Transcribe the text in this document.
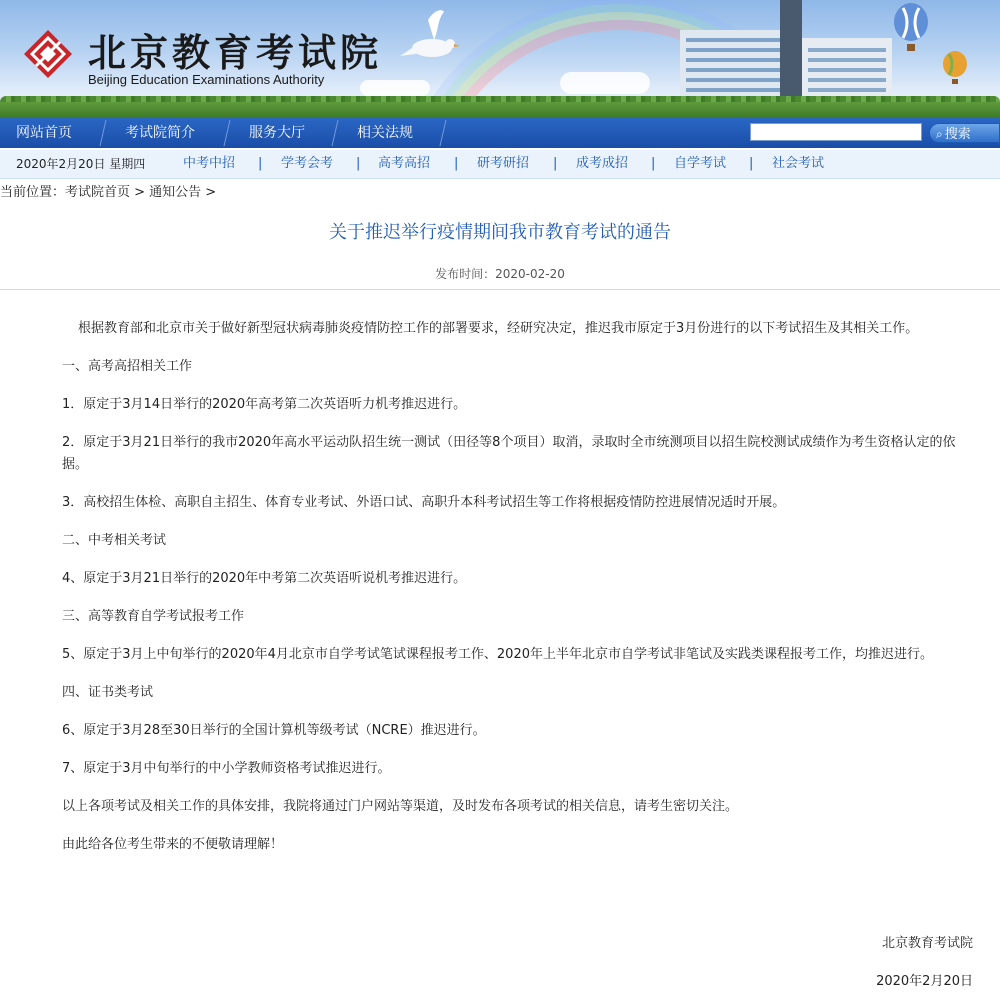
北京教育考试院
Beijing Education Examinations Authority
网站首页	考试院简介	服务大厅	相关法规	⌕ 搜索
2020年2月20日 星期四	中考中招 | 学考会考 | 高考高招 | 研考研招 | 成考成招 | 自学考试 | 社会考试
当前位置：考试院首页 > 通知公告 >
关于推迟举行疫情期间我市教育考试的通告
发布时间：2020-02-20

根据教育部和北京市关于做好新型冠状病毒肺炎疫情防控工作的部署要求，经研究决定，推迟我市原定于3月份进行的以下考试招生及其相关工作。

一、高考高招相关工作

1．原定于3月14日举行的2020年高考第二次英语听力机考推迟进行。

2．原定于3月21日举行的我市2020年高水平运动队招生统一测试（田径等8个项目）取消，录取时全市统测项目以招生院校测试成绩作为考生资格认定的依据。

3．高校招生体检、高职自主招生、体育专业考试、外语口试、高职升本科考试招生等工作将根据疫情防控进展情况适时开展。

二、中考相关考试

4、原定于3月21日举行的2020年中考第二次英语听说机考推迟进行。

三、高等教育自学考试报考工作

5、原定于3月上中旬举行的2020年4月北京市自学考试笔试课程报考工作、2020年上半年北京市自学考试非笔试及实践类课程报考工作，均推迟进行。

四、证书类考试

6、原定于3月28至30日举行的全国计算机等级考试（NCRE）推迟进行。

7、原定于3月中旬举行的中小学教师资格考试推迟进行。

以上各项考试及相关工作的具体安排，我院将通过门户网站等渠道，及时发布各项考试的相关信息，请考生密切关注。

由此给各位考生带来的不便敬请理解！

北京教育考试院
2020年2月20日
